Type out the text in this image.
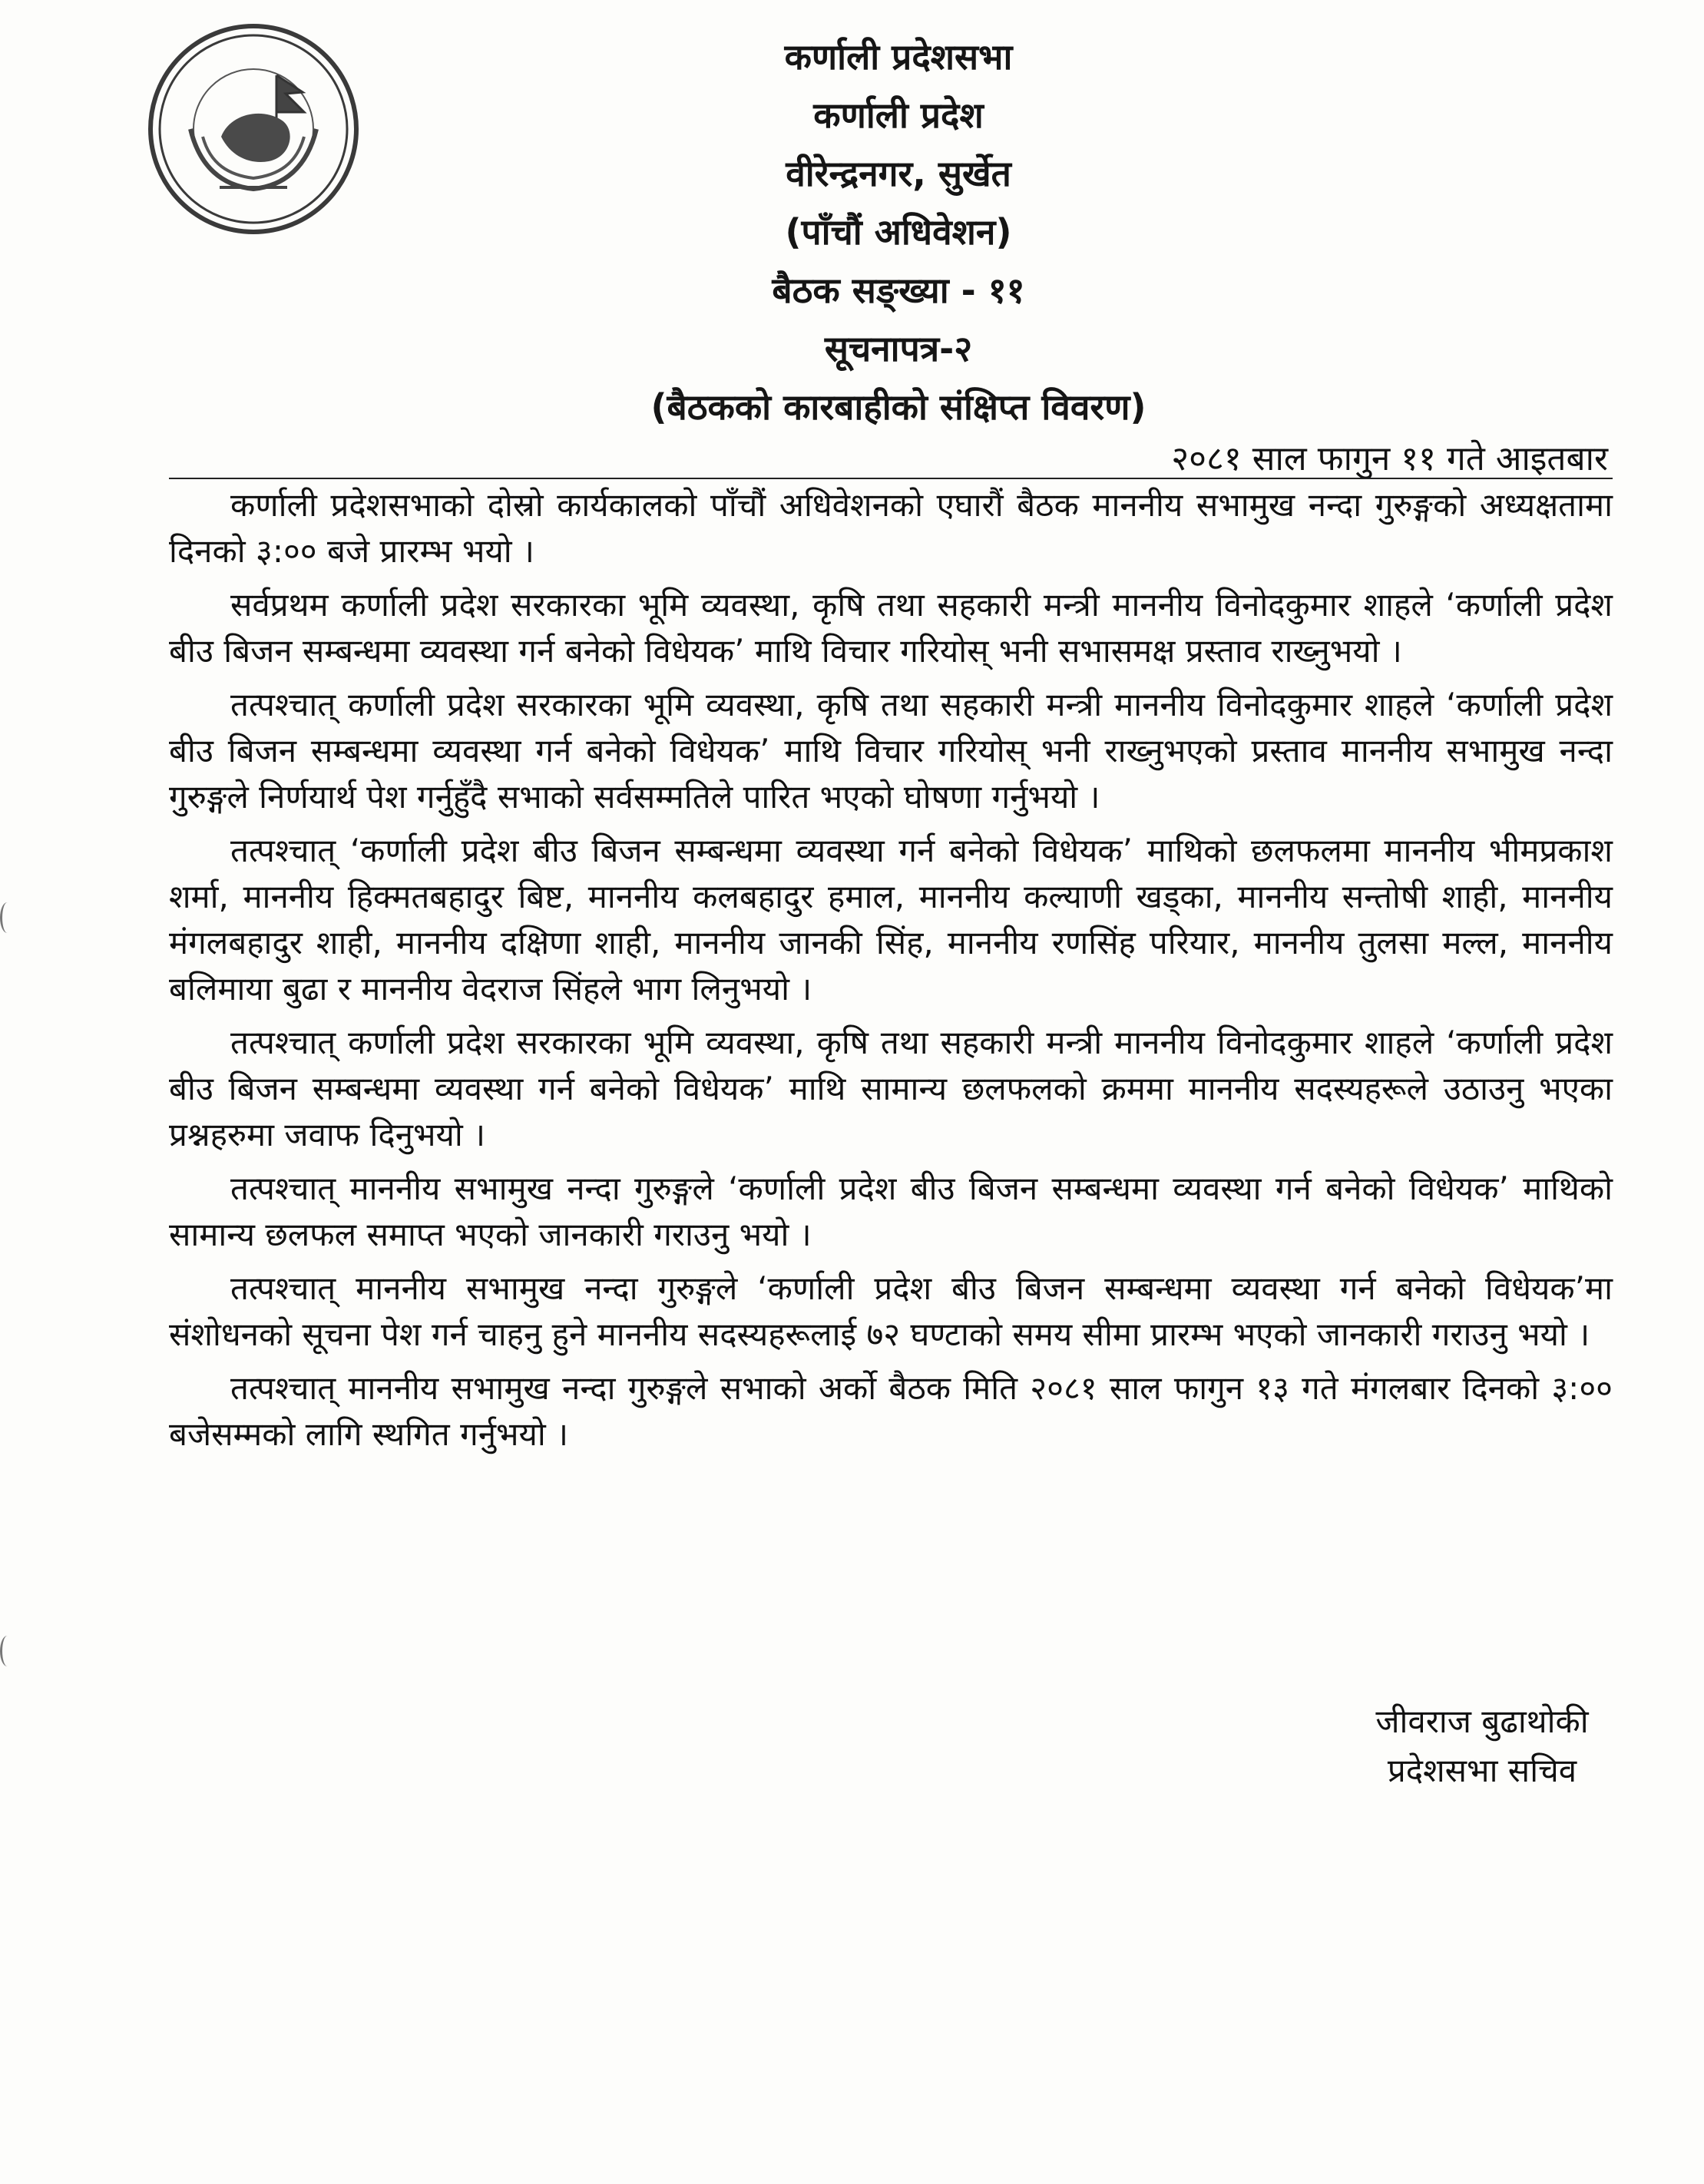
कर्णाली प्रदेशसभा
कर्णाली प्रदेश
वीरेन्द्रनगर, सुर्खेत
(पाँचौं अधिवेशन)
बैठक सङ्ख्या - ११
सूचनापत्र-२
(बैठकको कारबाहीको संक्षिप्त विवरण)
२०८१ साल फागुन ११ गते आइतबार

कर्णाली प्रदेशसभाको दोस्रो कार्यकालको पाँचौं अधिवेशनको एघारौं बैठक माननीय सभामुख नन्दा गुरुङ्गको अध्यक्षतामा दिनको ३:०० बजे प्रारम्भ भयो ।

सर्वप्रथम कर्णाली प्रदेश सरकारका भूमि व्यवस्था, कृषि तथा सहकारी मन्त्री माननीय विनोदकुमार शाहले ‘कर्णाली प्रदेश बीउ बिजन सम्बन्धमा व्यवस्था गर्न बनेको विधेयक’ माथि विचार गरियोस् भनी सभासमक्ष प्रस्ताव राख्नुभयो ।

तत्पश्चात् कर्णाली प्रदेश सरकारका भूमि व्यवस्था, कृषि तथा सहकारी मन्त्री माननीय विनोदकुमार शाहले ‘कर्णाली प्रदेश बीउ बिजन सम्बन्धमा व्यवस्था गर्न बनेको विधेयक’ माथि विचार गरियोस् भनी राख्नुभएको प्रस्ताव माननीय सभामुख नन्दा गुरुङ्गले निर्णयार्थ पेश गर्नुहुँदै सभाको सर्वसम्मतिले पारित भएको घोषणा गर्नुभयो ।

तत्पश्चात् ‘कर्णाली प्रदेश बीउ बिजन सम्बन्धमा व्यवस्था गर्न बनेको विधेयक’ माथिको छलफलमा माननीय भीमप्रकाश शर्मा, माननीय हिक्मतबहादुर बिष्ट, माननीय कलबहादुर हमाल, माननीय कल्याणी खड्का, माननीय सन्तोषी शाही, माननीय मंगलबहादुर शाही, माननीय दक्षिणा शाही, माननीय जानकी सिंह, माननीय रणसिंह परियार, माननीय तुलसा मल्ल, माननीय बलिमाया बुढा र माननीय वेदराज सिंहले भाग लिनुभयो ।

तत्पश्चात् कर्णाली प्रदेश सरकारका भूमि व्यवस्था, कृषि तथा सहकारी मन्त्री माननीय विनोदकुमार शाहले ‘कर्णाली प्रदेश बीउ बिजन सम्बन्धमा व्यवस्था गर्न बनेको विधेयक’ माथि सामान्य छलफलको क्रममा माननीय सदस्यहरूले उठाउनु भएका प्रश्नहरुमा जवाफ दिनुभयो ।

तत्पश्चात् माननीय सभामुख नन्दा गुरुङ्गले ‘कर्णाली प्रदेश बीउ बिजन सम्बन्धमा व्यवस्था गर्न बनेको विधेयक’ माथिको सामान्य छलफल समाप्त भएको जानकारी गराउनु भयो ।

तत्पश्चात् माननीय सभामुख नन्दा गुरुङ्गले ‘कर्णाली प्रदेश बीउ बिजन सम्बन्धमा व्यवस्था गर्न बनेको विधेयक’मा संशोधनको सूचना पेश गर्न चाहनु हुने माननीय सदस्यहरूलाई ७२ घण्टाको समय सीमा प्रारम्भ भएको जानकारी गराउनु भयो ।

तत्पश्चात् माननीय सभामुख नन्दा गुरुङ्गले सभाको अर्को बैठक मिति २०८१ साल फागुन १३ गते मंगलबार दिनको ३:०० बजेसम्मको लागि स्थगित गर्नुभयो ।

जीवराज बुढाथोकी
प्रदेशसभा सचिव
